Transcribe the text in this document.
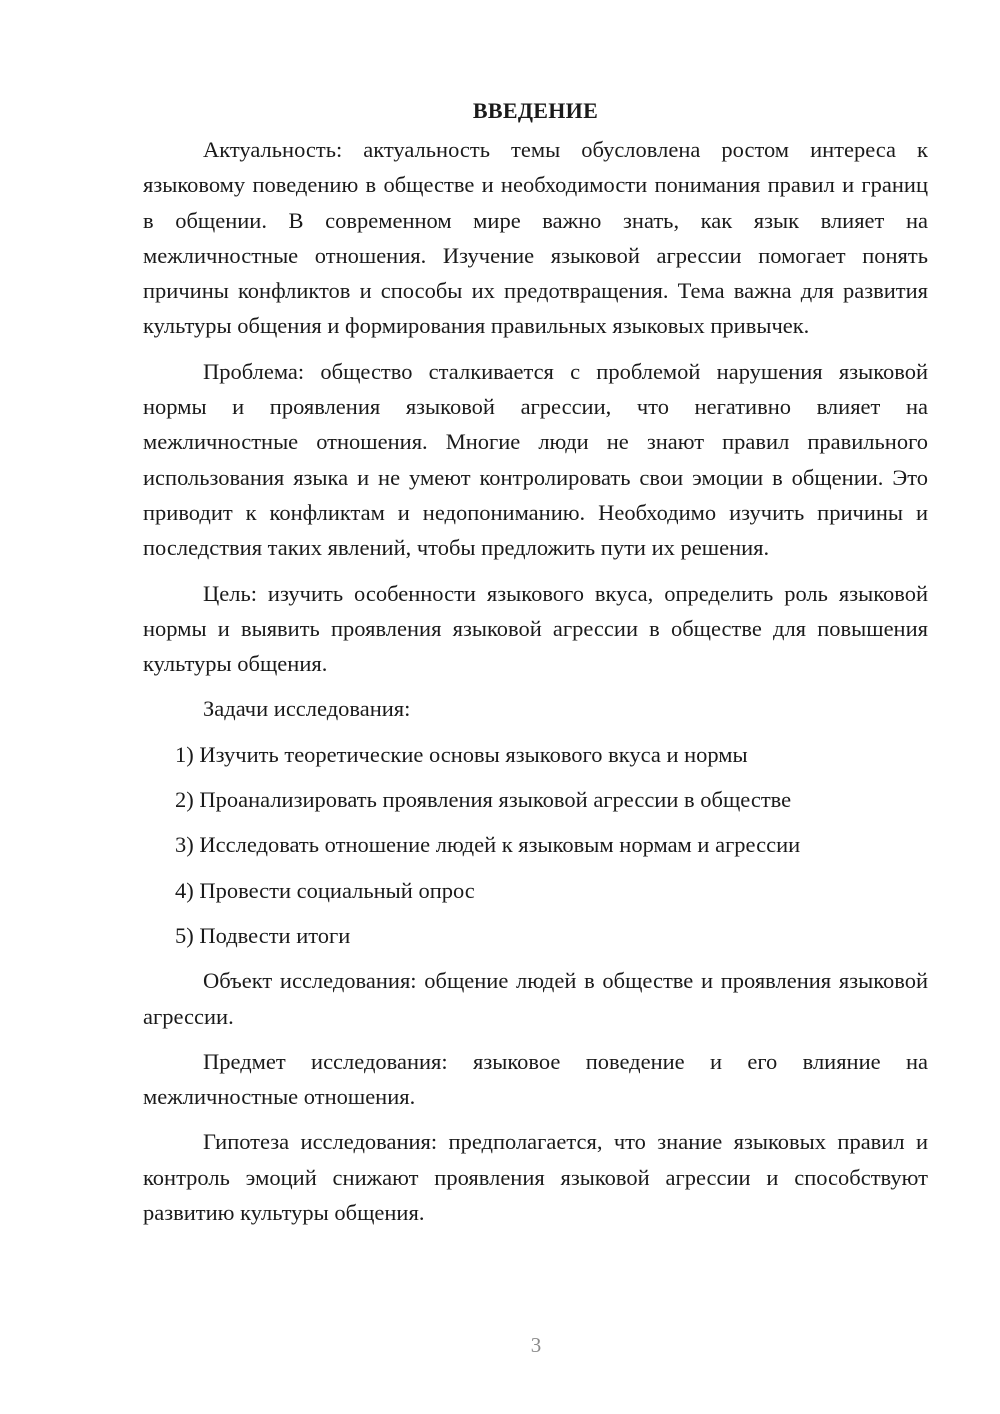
ВВЕДЕНИЕ

Актуальность: актуальность темы обусловлена ростом интереса к языковому поведению в обществе и необходимости понимания правил и границ в общении. В современном мире важно знать, как язык влияет на межличностные отношения. Изучение языковой агрессии помогает понять причины конфликтов и способы их предотвращения. Тема важна для развития культуры общения и формирования правильных языковых привычек.

Проблема: общество сталкивается с проблемой нарушения языковой нормы и проявления языковой агрессии, что негативно влияет на межличностные отношения. Многие люди не знают правил правильного использования языка и не умеют контролировать свои эмоции в общении. Это приводит к конфликтам и недопониманию. Необходимо изучить причины и последствия таких явлений, чтобы предложить пути их решения.

Цель: изучить особенности языкового вкуса, определить роль языковой нормы и выявить проявления языковой агрессии в обществе для повышения культуры общения.

Задачи исследования:

1) Изучить теоретические основы языкового вкуса и нормы
2) Проанализировать проявления языковой агрессии в обществе
3) Исследовать отношение людей к языковым нормам и агрессии
4) Провести социальный опрос
5) Подвести итоги

Объект исследования: общение людей в обществе и проявления языковой агрессии.

Предмет исследования: языковое поведение и его влияние на межличностные отношения.

Гипотеза исследования: предполагается, что знание языковых правил и контроль эмоций снижают проявления языковой агрессии и способствуют развитию культуры общения.

3
